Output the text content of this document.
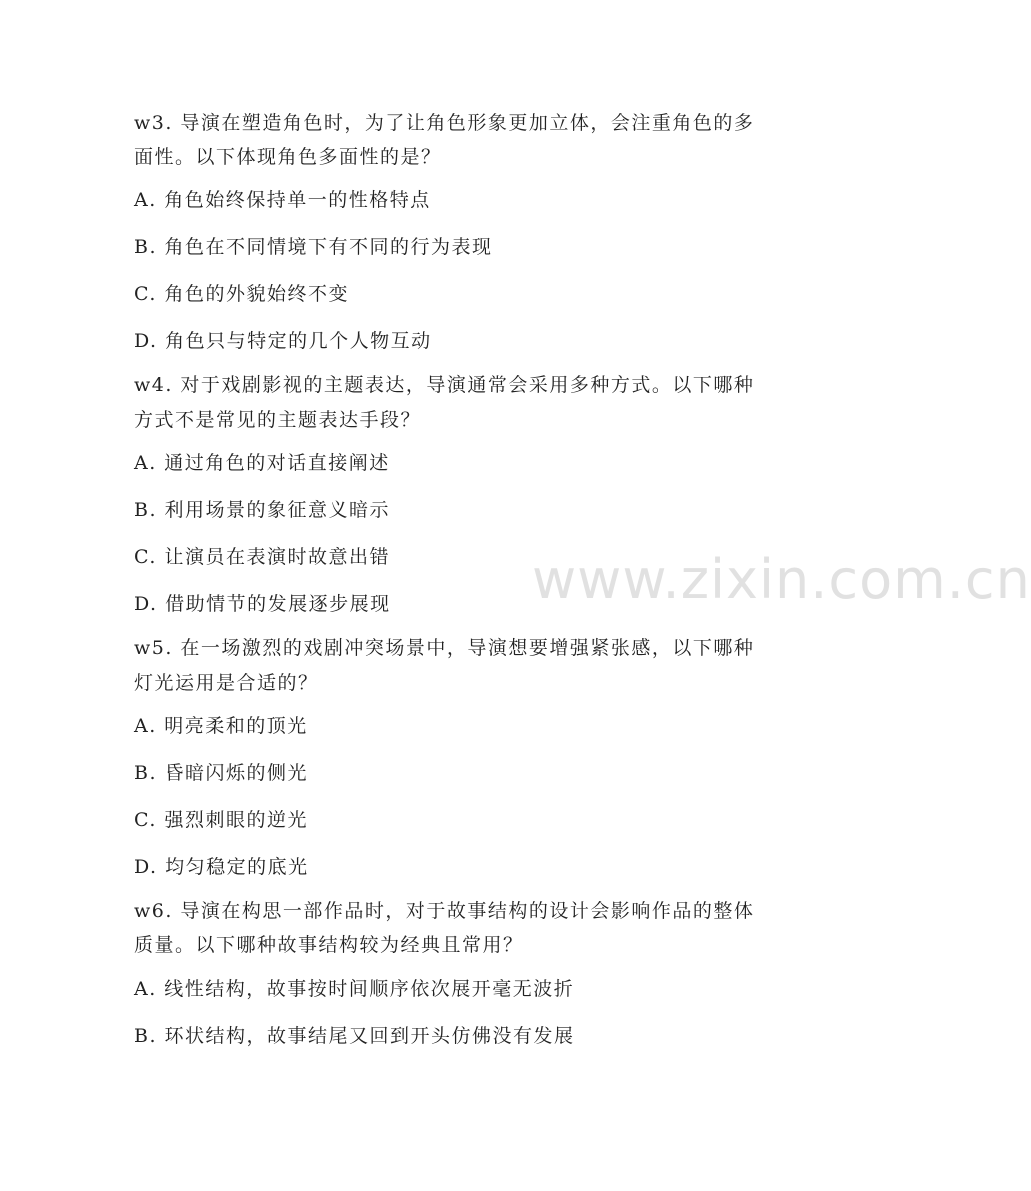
w3. 导演在塑造角色时，为了让角色形象更加立体，会注重角色的多
面性。以下体现角色多面性的是？
A. 角色始终保持单一的性格特点
B. 角色在不同情境下有不同的行为表现
C. 角色的外貌始终不变
D. 角色只与特定的几个人物互动
w4. 对于戏剧影视的主题表达，导演通常会采用多种方式。以下哪种
方式不是常见的主题表达手段？
A. 通过角色的对话直接阐述
B. 利用场景的象征意义暗示
C. 让演员在表演时故意出错
D. 借助情节的发展逐步展现
w5. 在一场激烈的戏剧冲突场景中，导演想要增强紧张感，以下哪种
灯光运用是合适的？
A. 明亮柔和的顶光
B. 昏暗闪烁的侧光
C. 强烈刺眼的逆光
D. 均匀稳定的底光
w6. 导演在构思一部作品时，对于故事结构的设计会影响作品的整体
质量。以下哪种故事结构较为经典且常用？
A. 线性结构，故事按时间顺序依次展开毫无波折
B. 环状结构，故事结尾又回到开头仿佛没有发展
www.zixin.com.cn
